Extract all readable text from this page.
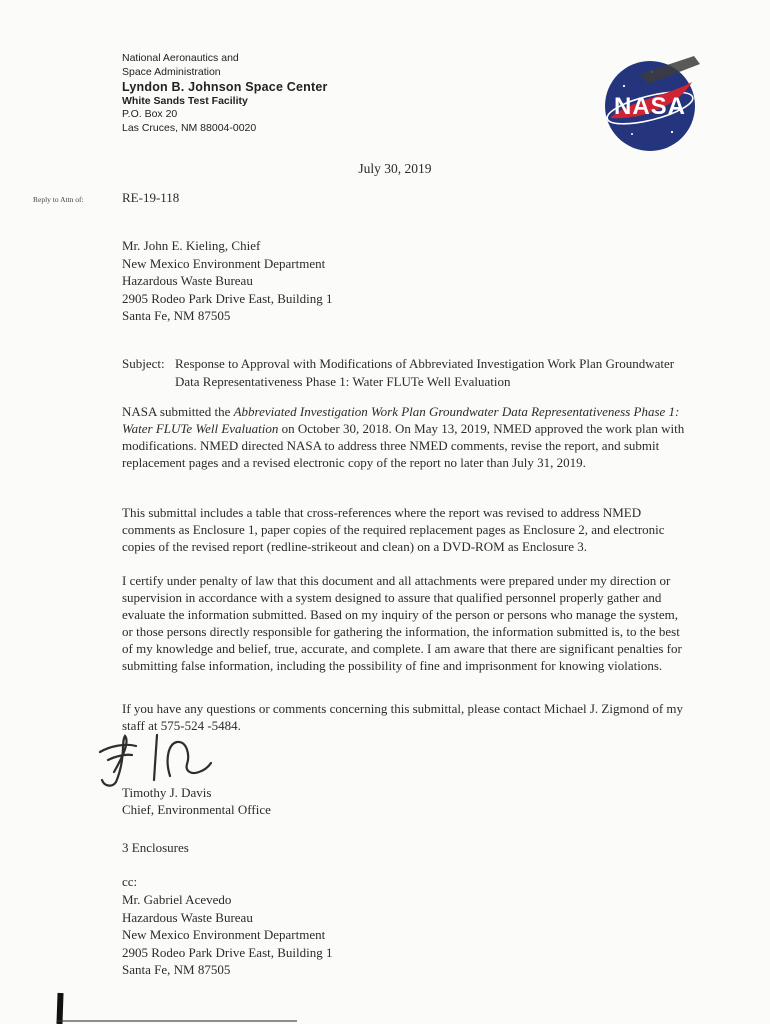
National Aeronautics and
Space Administration
Lyndon B. Johnson Space Center
White Sands Test Facility
P.O. Box 20
Las Cruces, NM 88004-0020
NASA
July 30, 2019
Reply to Attn of:	RE-19-118
Mr. John E. Kieling, Chief
New Mexico Environment Department
Hazardous Waste Bureau
2905 Rodeo Park Drive East, Building 1
Santa Fe, NM 87505
Subject: Response to Approval with Modifications of Abbreviated Investigation Work Plan Groundwater Data Representativeness Phase 1: Water FLUTe Well Evaluation

NASA submitted the Abbreviated Investigation Work Plan Groundwater Data Representativeness Phase 1: Water FLUTe Well Evaluation on October 30, 2018. On May 13, 2019, NMED approved the work plan with modifications. NMED directed NASA to address three NMED comments, revise the report, and submit replacement pages and a revised electronic copy of the report no later than July 31, 2019.

This submittal includes a table that cross-references where the report was revised to address NMED comments as Enclosure 1, paper copies of the required replacement pages as Enclosure 2, and electronic copies of the revised report (redline-strikeout and clean) on a DVD-ROM as Enclosure 3.

I certify under penalty of law that this document and all attachments were prepared under my direction or supervision in accordance with a system designed to assure that qualified personnel properly gather and evaluate the information submitted. Based on my inquiry of the person or persons who manage the system, or those persons directly responsible for gathering the information, the information submitted is, to the best of my knowledge and belief, true, accurate, and complete. I am aware that there are significant penalties for submitting false information, including the possibility of fine and imprisonment for knowing violations.

If you have any questions or comments concerning this submittal, please contact Michael J. Zigmond of my staff at 575-524 -5484.

Timothy J. Davis
Chief, Environmental Office
3 Enclosures
cc:
Mr. Gabriel Acevedo
Hazardous Waste Bureau
New Mexico Environment Department
2905 Rodeo Park Drive East, Building 1
Santa Fe, NM 87505
